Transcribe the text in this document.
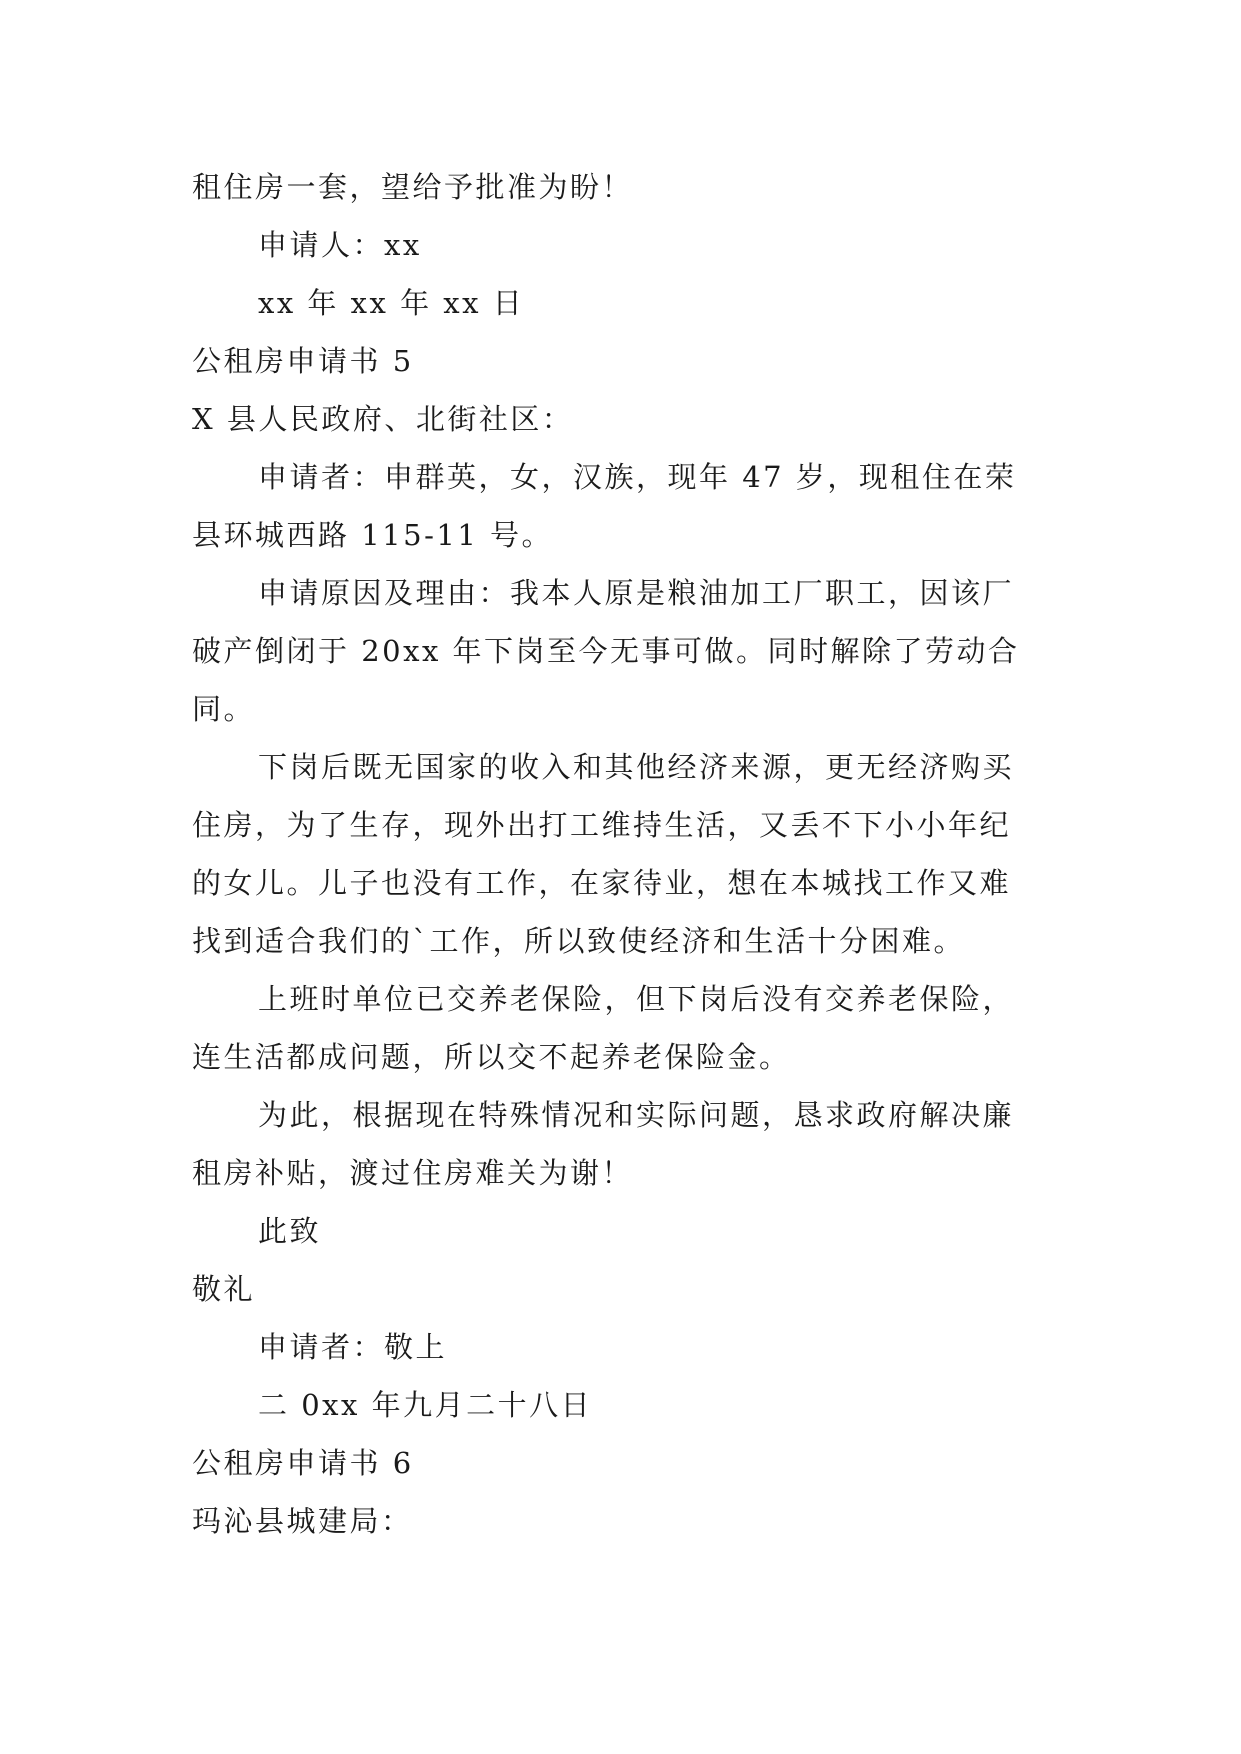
租住房一套，望给予批准为盼！
申请人：xx
xx 年 xx 年 xx 日
公租房申请书 5
X 县人民政府、北街社区：
申请者：申群英，女，汉族，现年 47 岁，现租住在荣
县环城西路 115-11 号。
申请原因及理由：我本人原是粮油加工厂职工，因该厂
破产倒闭于 20xx 年下岗至今无事可做。同时解除了劳动合
同。
下岗后既无国家的收入和其他经济来源，更无经济购买
住房，为了生存，现外出打工维持生活，又丢不下小小年纪
的女儿。儿子也没有工作，在家待业，想在本城找工作又难
找到适合我们的`工作，所以致使经济和生活十分困难。
上班时单位已交养老保险，但下岗后没有交养老保险，
连生活都成问题，所以交不起养老保险金。
为此，根据现在特殊情况和实际问题，恳求政府解决廉
租房补贴，渡过住房难关为谢！
此致
敬礼
申请者：敬上
二 0xx 年九月二十八日
公租房申请书 6
玛沁县城建局：
